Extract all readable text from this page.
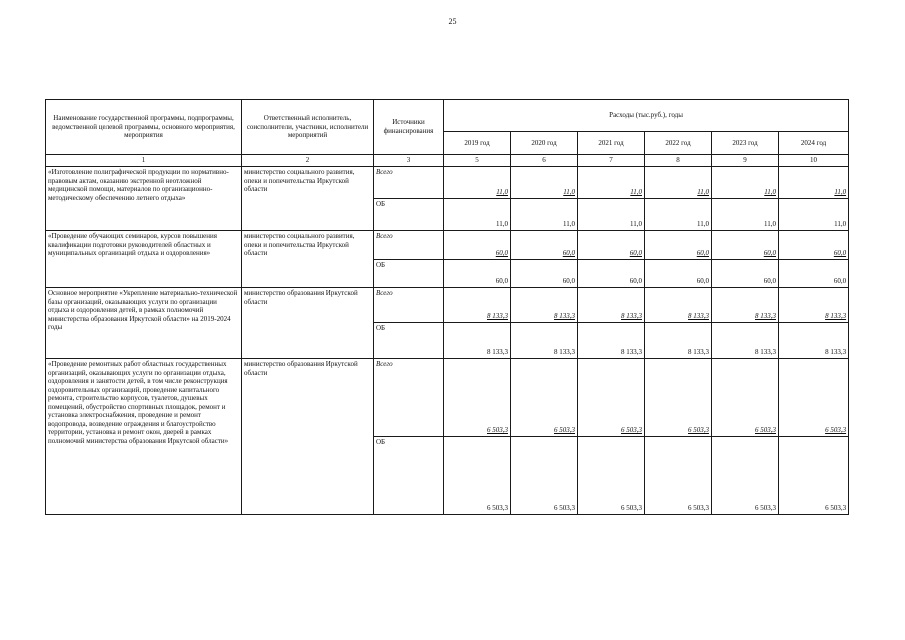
25
Наименование государственной программы, подпрограммы, ведомственной целевой программы, основного мероприятия, мероприятия	Ответственный исполнитель, соисполнители, участники, исполнители мероприятий	Источники финансирования	Расходы (тыс.руб.), годы					
			2019 год	2020 год	2021 год	2022 год	2023 год	2024 год
1	2	3	5	6	7	8	9	10
«Изготовление полиграфической продукции по нормативно-правовым актам, оказанию экстренной неотложной медицинской помощи, материалов по организационно-методическому обеспечению летнего отдыха»	министерство социального развития, опеки и попечительства Иркутской области	Всего	11,0	11,0	11,0	11,0	11,0	11,0
		ОБ	11,0	11,0	11,0	11,0	11,0	11,0
«Проведение обучающих семинаров, курсов повышения квалификации подготовки руководителей областных и муниципальных организаций отдыха и оздоровления»	министерство социального развития, опеки и попечительства Иркутской области	Всего	60,0	60,0	60,0	60,0	60,0	60,0
		ОБ	60,0	60,0	60,0	60,0	60,0	60,0
Основное мероприятие «Укрепление материально-технической базы организаций, оказывающих услуги по организации отдыха и оздоровления детей, в рамках полномочий министерства образования Иркутской области» на 2019-2024 годы	министерство образования Иркутской области	Всего	8 133,3	8 133,3	8 133,3	8 133,3	8 133,3	8 133,3
		ОБ	8 133,3	8 133,3	8 133,3	8 133,3	8 133,3	8 133,3
«Проведение ремонтных работ областных государственных организаций, оказывающих услуги по организации отдыха, оздоровления и занятости детей, в том числе реконструкция оздоровительных организаций, проведение капитального ремонта, строительство корпусов, туалетов, душевых помещений, обустройство спортивных площадок, ремонт и установка электроснабжения, проведение и ремонт водопровода, возведение ограждения и благоустройство территории, установка и ремонт окон, дверей в рамках полномочий министерства образования Иркутской области»	министерство образования Иркутской области	Всего	6 503,3	6 503,3	6 503,3	6 503,3	6 503,3	6 503,3
		ОБ	6 503,3	6 503,3	6 503,3	6 503,3	6 503,3	6 503,3
